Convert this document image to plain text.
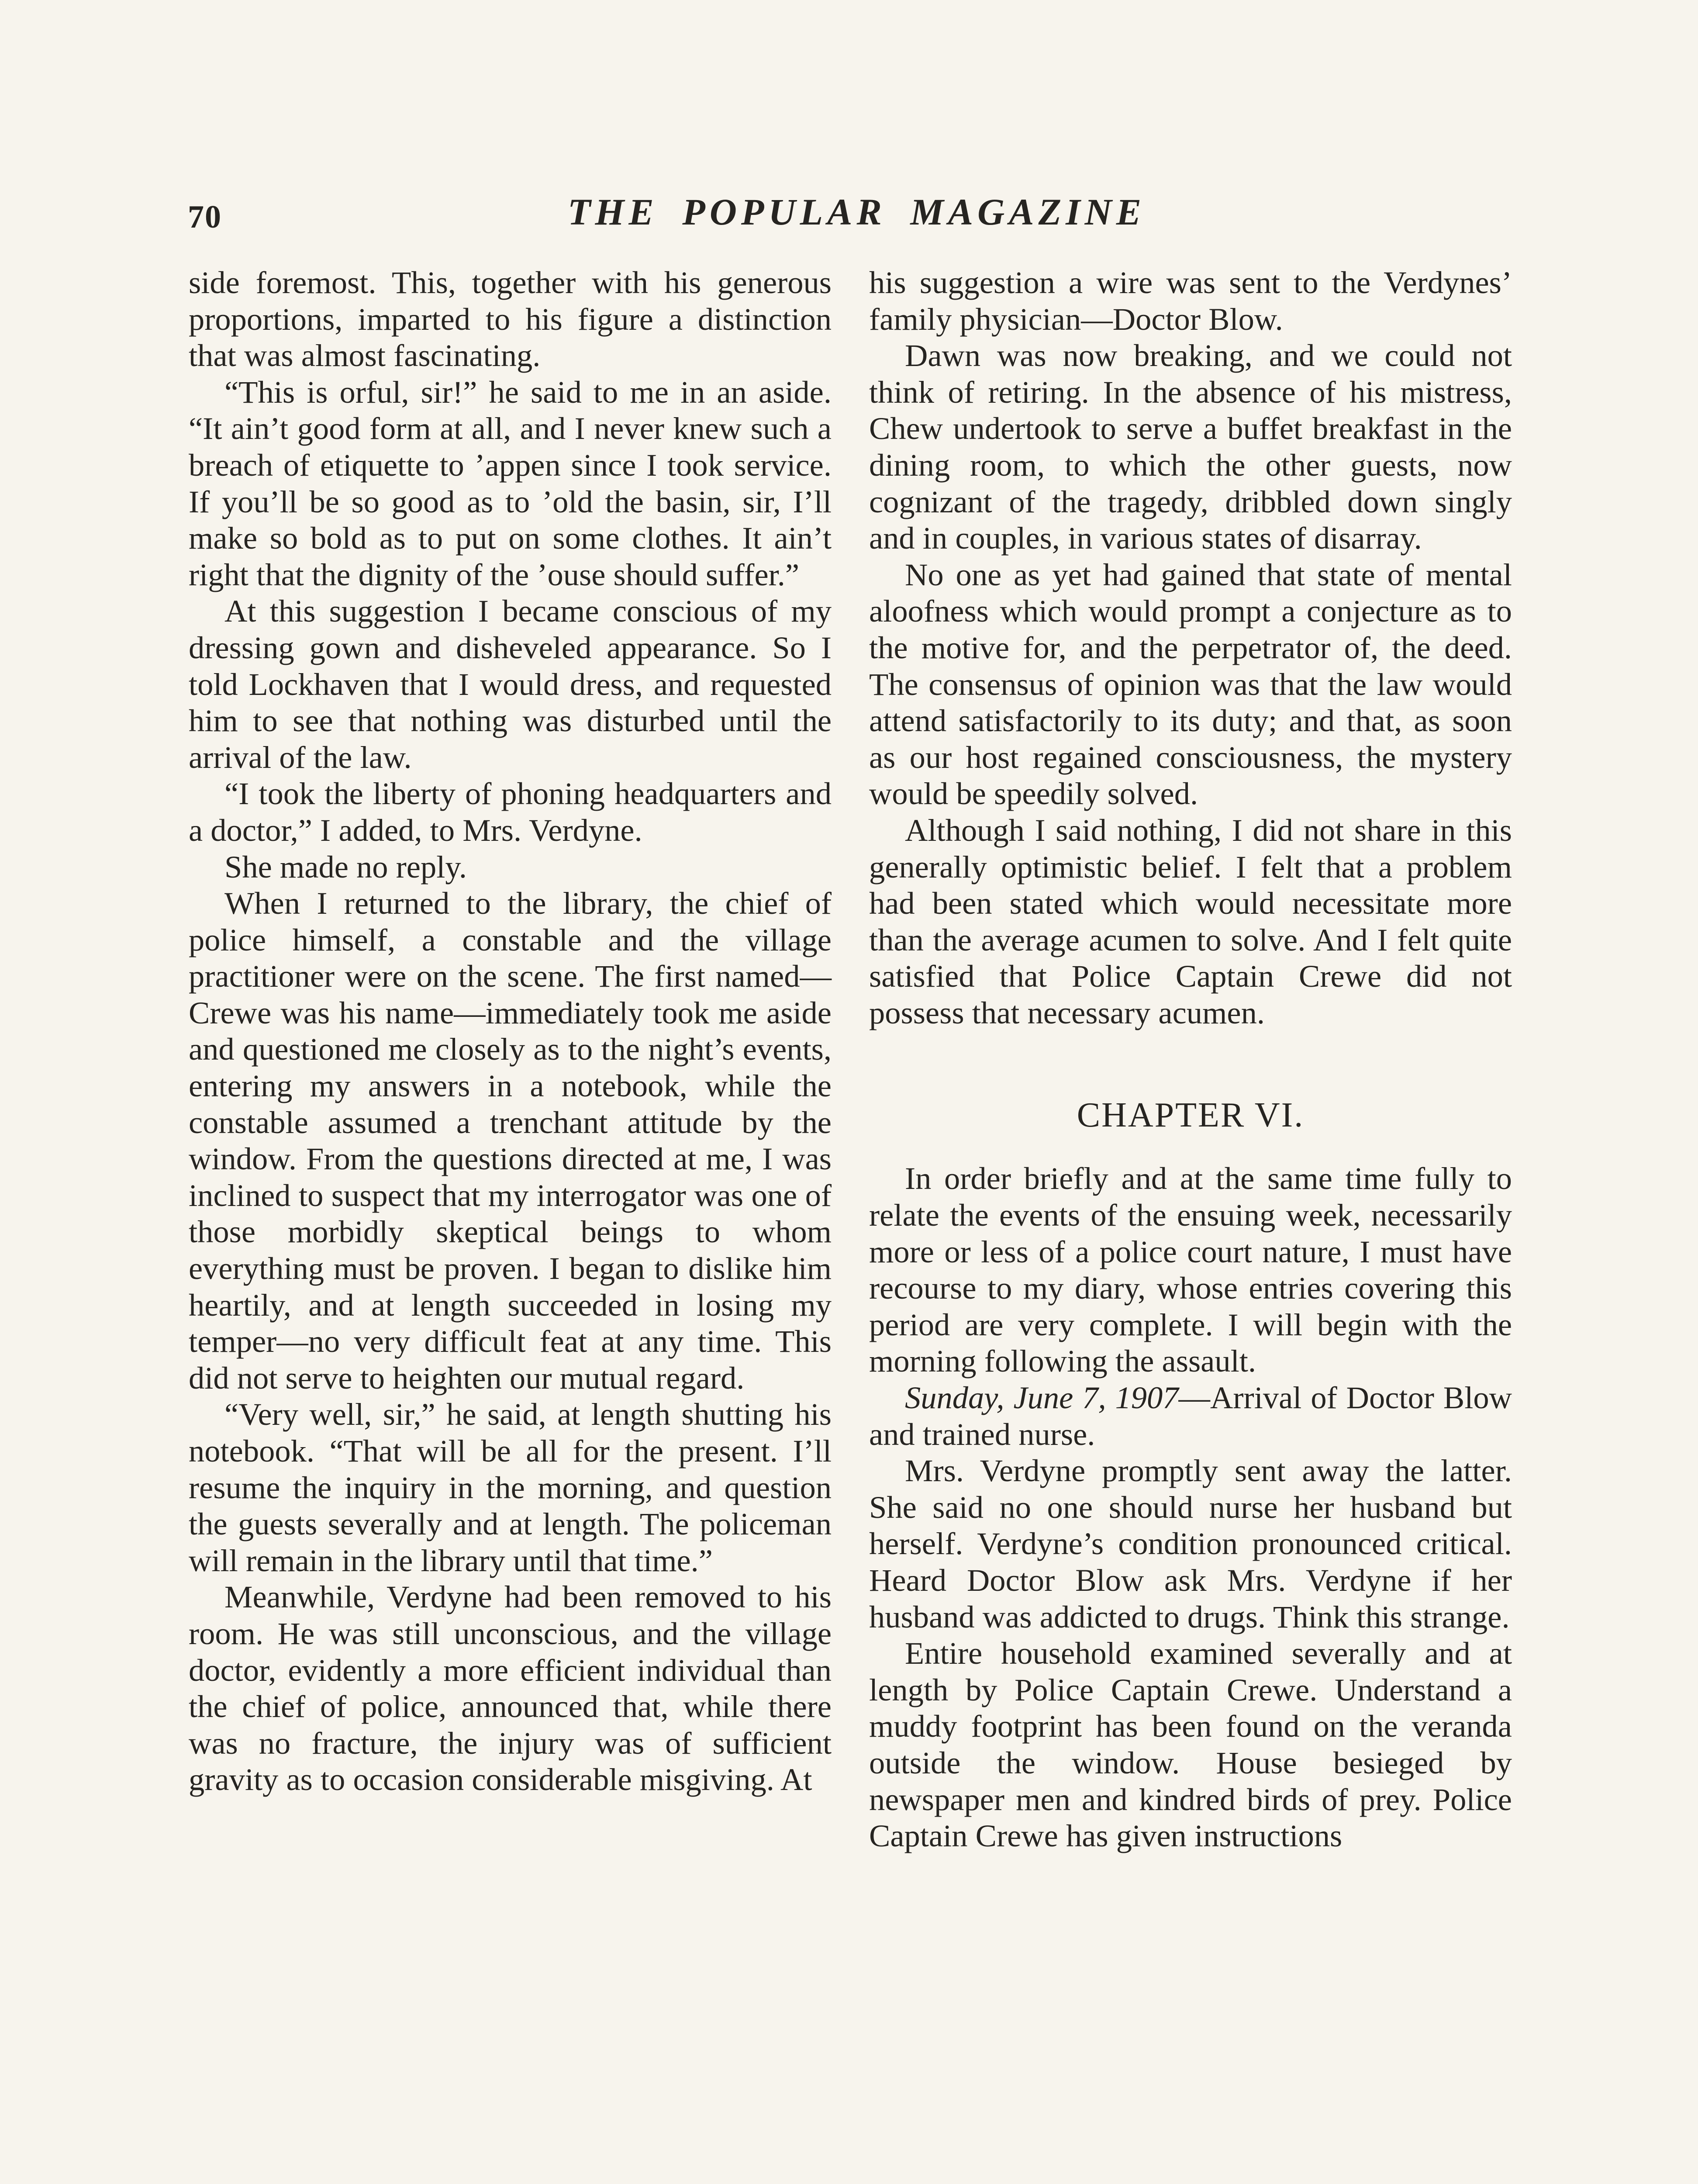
70	THE POPULAR MAGAZINE

side foremost. This, together with his generous proportions, imparted to his figure a distinction that was almost fascinating.

“This is orful, sir!” he said to me in an aside. “It ain’t good form at all, and I never knew such a breach of etiquette to ’appen since I took service. If you’ll be so good as to ’old the basin, sir, I’ll make so bold as to put on some clothes. It ain’t right that the dignity of the ’ouse should suffer.”

At this suggestion I became conscious of my dressing gown and disheveled appearance. So I told Lockhaven that I would dress, and requested him to see that nothing was disturbed until the arrival of the law.

“I took the liberty of phoning headquarters and a doctor,” I added, to Mrs. Verdyne.

She made no reply.

When I returned to the library, the chief of police himself, a constable and the village practitioner were on the scene. The first named—Crewe was his name—immediately took me aside and questioned me closely as to the night’s events, entering my answers in a notebook, while the constable assumed a trenchant attitude by the window. From the questions directed at me, I was inclined to suspect that my interrogator was one of those morbidly skeptical beings to whom everything must be proven. I began to dislike him heartily, and at length succeeded in losing my temper—no very difficult feat at any time. This did not serve to heighten our mutual regard.

“Very well, sir,” he said, at length shutting his notebook. “That will be all for the present. I’ll resume the inquiry in the morning, and question the guests severally and at length. The policeman will remain in the library until that time.”

Meanwhile, Verdyne had been removed to his room. He was still unconscious, and the village doctor, evidently a more efficient individual than the chief of police, announced that, while there was no fracture, the injury was of sufficient gravity as to occasion considerable misgiving. At

his suggestion a wire was sent to the Verdynes’ family physician—Doctor Blow.

Dawn was now breaking, and we could not think of retiring. In the absence of his mistress, Chew undertook to serve a buffet breakfast in the dining room, to which the other guests, now cognizant of the tragedy, dribbled down singly and in couples, in various states of disarray.

No one as yet had gained that state of mental aloofness which would prompt a conjecture as to the motive for, and the perpetrator of, the deed. The consensus of opinion was that the law would attend satisfactorily to its duty; and that, as soon as our host regained consciousness, the mystery would be speedily solved.

Although I said nothing, I did not share in this generally optimistic belief. I felt that a problem had been stated which would necessitate more than the average acumen to solve. And I felt quite satisfied that Police Captain Crewe did not possess that necessary acumen.

CHAPTER VI.

In order briefly and at the same time fully to relate the events of the ensuing week, necessarily more or less of a police court nature, I must have recourse to my diary, whose entries covering this period are very complete. I will begin with the morning following the assault.

Sunday, June 7, 1907—Arrival of Doctor Blow and trained nurse.

Mrs. Verdyne promptly sent away the latter. She said no one should nurse her husband but herself. Verdyne’s condition pronounced critical. Heard Doctor Blow ask Mrs. Verdyne if her husband was addicted to drugs. Think this strange.

Entire household examined severally and at length by Police Captain Crewe. Understand a muddy footprint has been found on the veranda outside the window. House besieged by newspaper men and kindred birds of prey. Police Captain Crewe has given instructions
